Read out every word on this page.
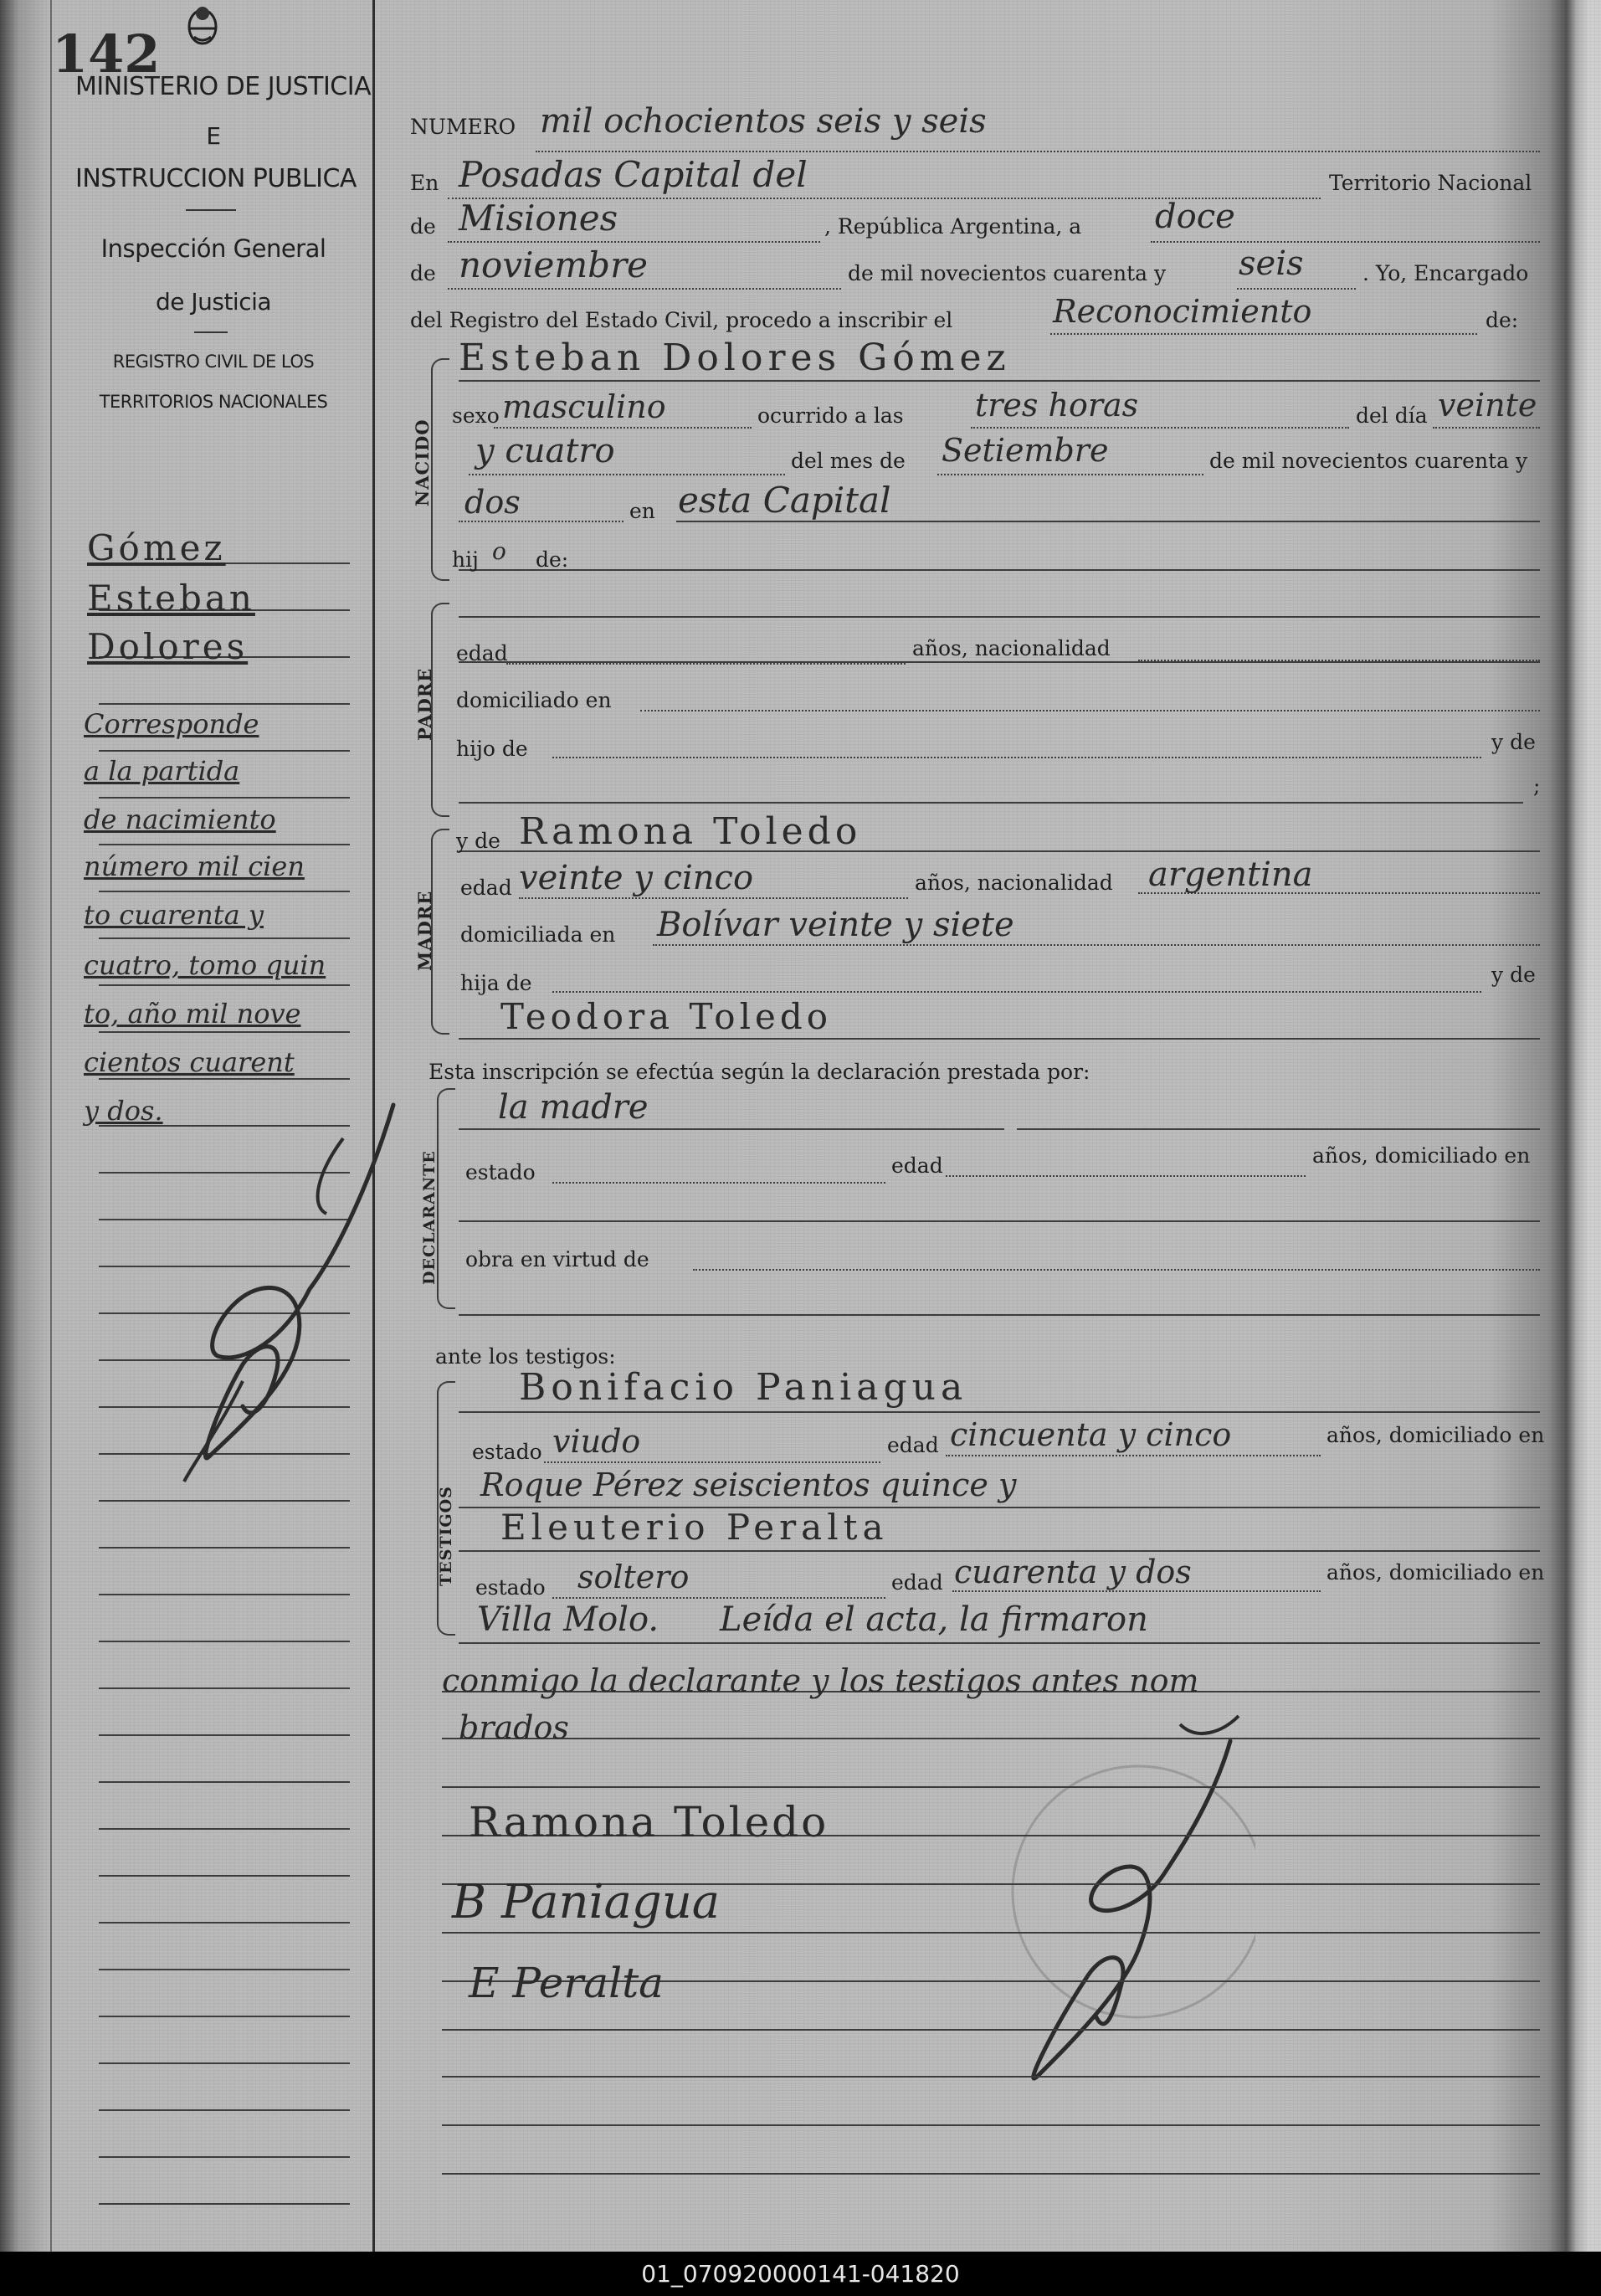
142
MINISTERIO DE JUSTICIA
E
INSTRUCCION PUBLICA
Inspección General
de Justicia
REGISTRO CIVIL DE LOS
TERRITORIOS NACIONALES
Gómez
Esteban
Dolores
Corresponde
a la partida
de nacimiento
número mil cien
to cuarenta y
cuatro, tomo quin
to, año mil nove
cientos cuarent
y dos.
NACIDO
PADRE
MADRE
DECLARANTE
TESTIGOS
NUMERO mil ochocientos seis y seis
En Posadas Capital del	Territorio Nacional
de Misiones	, República Argentina, a doce
de noviembre	de mil novecientos cuarenta y seis	. Yo, Encargado
del Registro del Estado Civil, procedo a inscribir el	Reconocimiento	de:
Esteban Dolores Gómez
sexo masculino	ocurrido a las tres horas	del día veinte
y cuatro	del mes de Setiembre	de mil novecientos cuarenta y
dos	en esta Capital
hij o de:
edad	años, nacionalidad
domiciliado en
hijo de	y de
;
y de Ramona Toledo
edad veinte y cinco	años, nacionalidad argentina
domiciliada en Bolívar veinte y siete
hija de	y de
Teodora Toledo
Esta inscripción se efectúa según la declaración prestada por:
la madre
estado	edad	años, domiciliado en
obra en virtud de
ante los testigos:
Bonifacio Paniagua
estado viudo	edad cincuenta y cinco	años, domiciliado en
Roque Pérez seiscientos quince y
Eleuterio Peralta
estado soltero	edad cuarenta y dos	años, domiciliado en
Villa Molo. Leída el acta, la firmaron
conmigo la declarante y los testigos antes nom
brados
Ramona Toledo
B Paniagua
E Peralta
01_070920000141-041820
